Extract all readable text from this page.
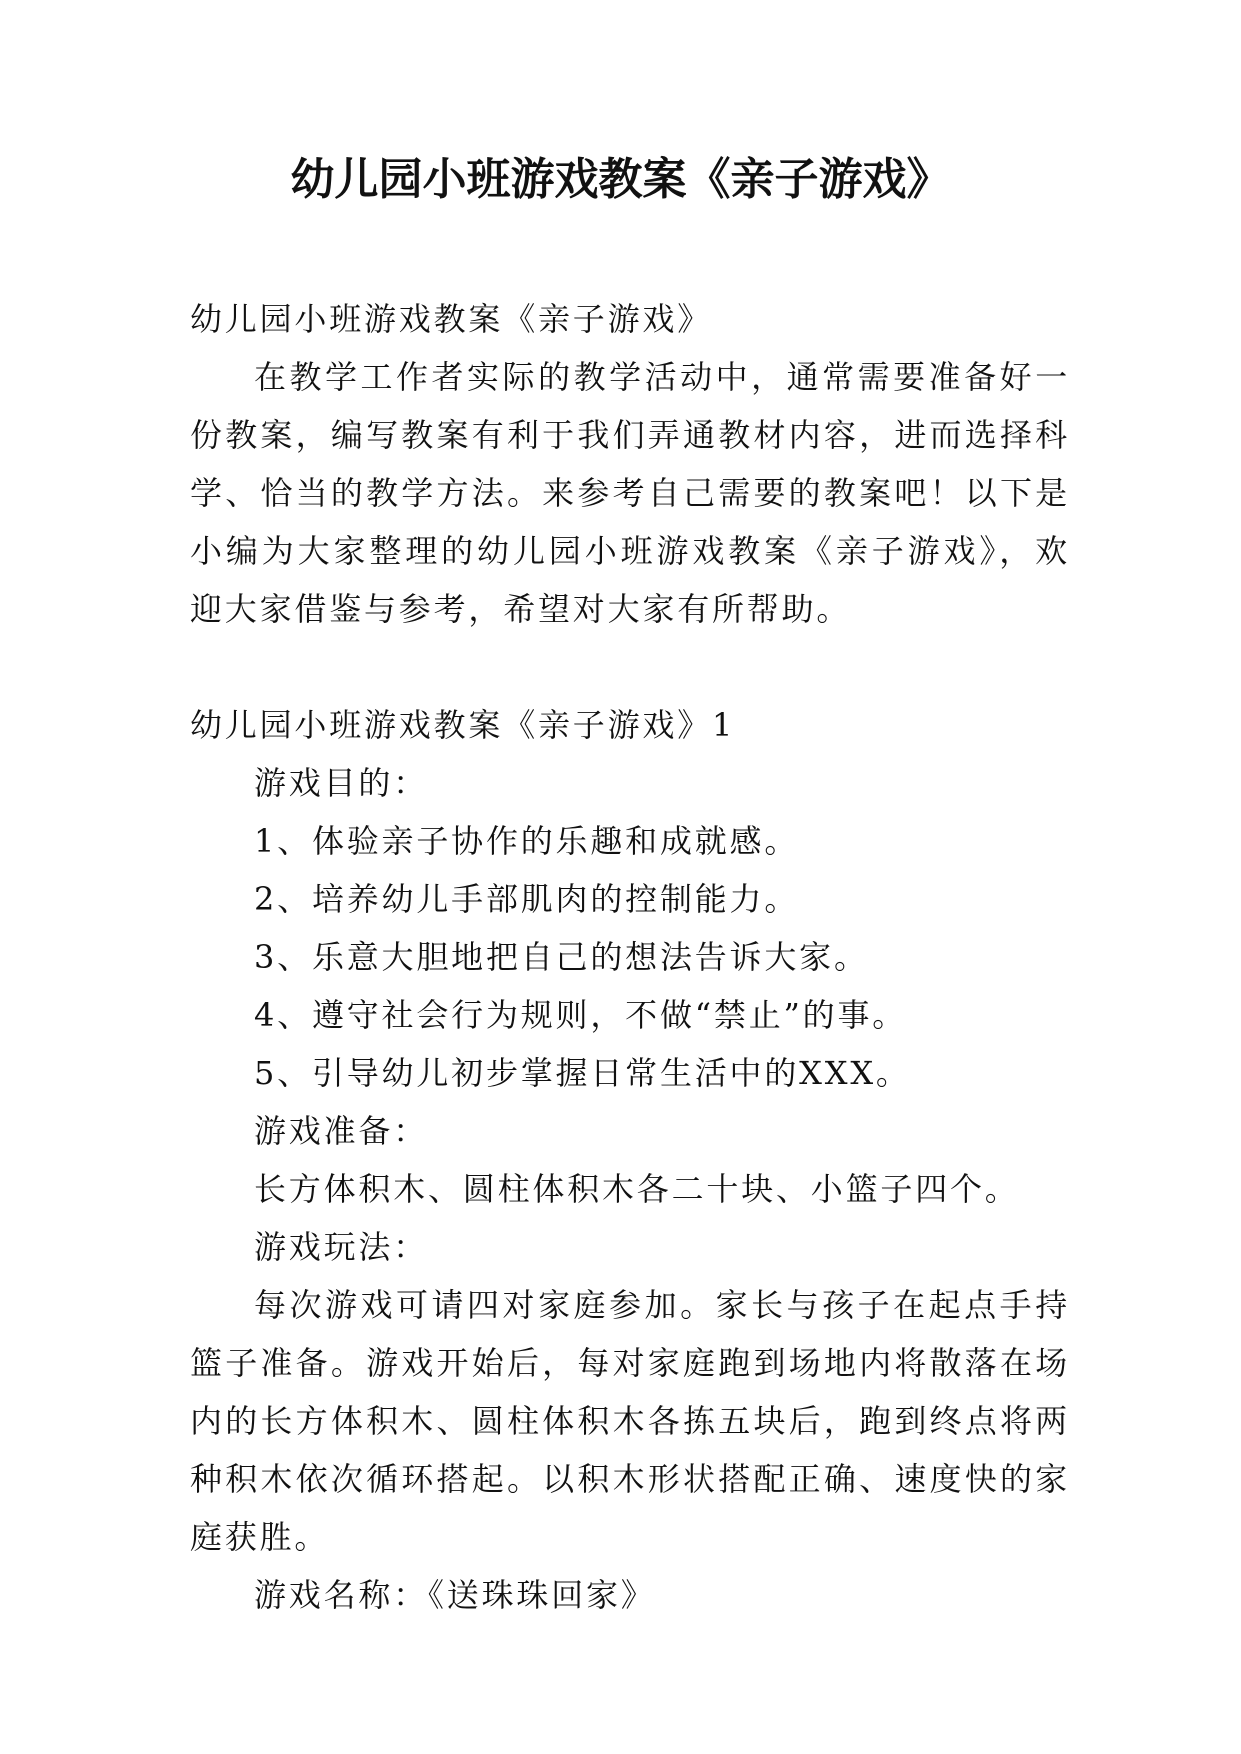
幼儿园小班游戏教案《亲子游戏》

幼儿园小班游戏教案《亲子游戏》

在教学工作者实际的教学活动中，通常需要准备好一份教案，编写教案有利于我们弄通教材内容，进而选择科学、恰当的教学方法。来参考自己需要的教案吧！以下是小编为大家整理的幼儿园小班游戏教案《亲子游戏》，欢迎大家借鉴与参考，希望对大家有所帮助。

幼儿园小班游戏教案《亲子游戏》1

游戏目的：

1、体验亲子协作的乐趣和成就感。

2、培养幼儿手部肌肉的控制能力。

3、乐意大胆地把自己的想法告诉大家。

4、遵守社会行为规则，不做“禁止”的事。

5、引导幼儿初步掌握日常生活中的XXX。

游戏准备：

长方体积木、圆柱体积木各二十块、小篮子四个。

游戏玩法：

每次游戏可请四对家庭参加。家长与孩子在起点手持篮子准备。游戏开始后，每对家庭跑到场地内将散落在场内的长方体积木、圆柱体积木各拣五块后，跑到终点将两种积木依次循环搭起。以积木形状搭配正确、速度快的家庭获胜。

游戏名称：《送珠珠回家》
